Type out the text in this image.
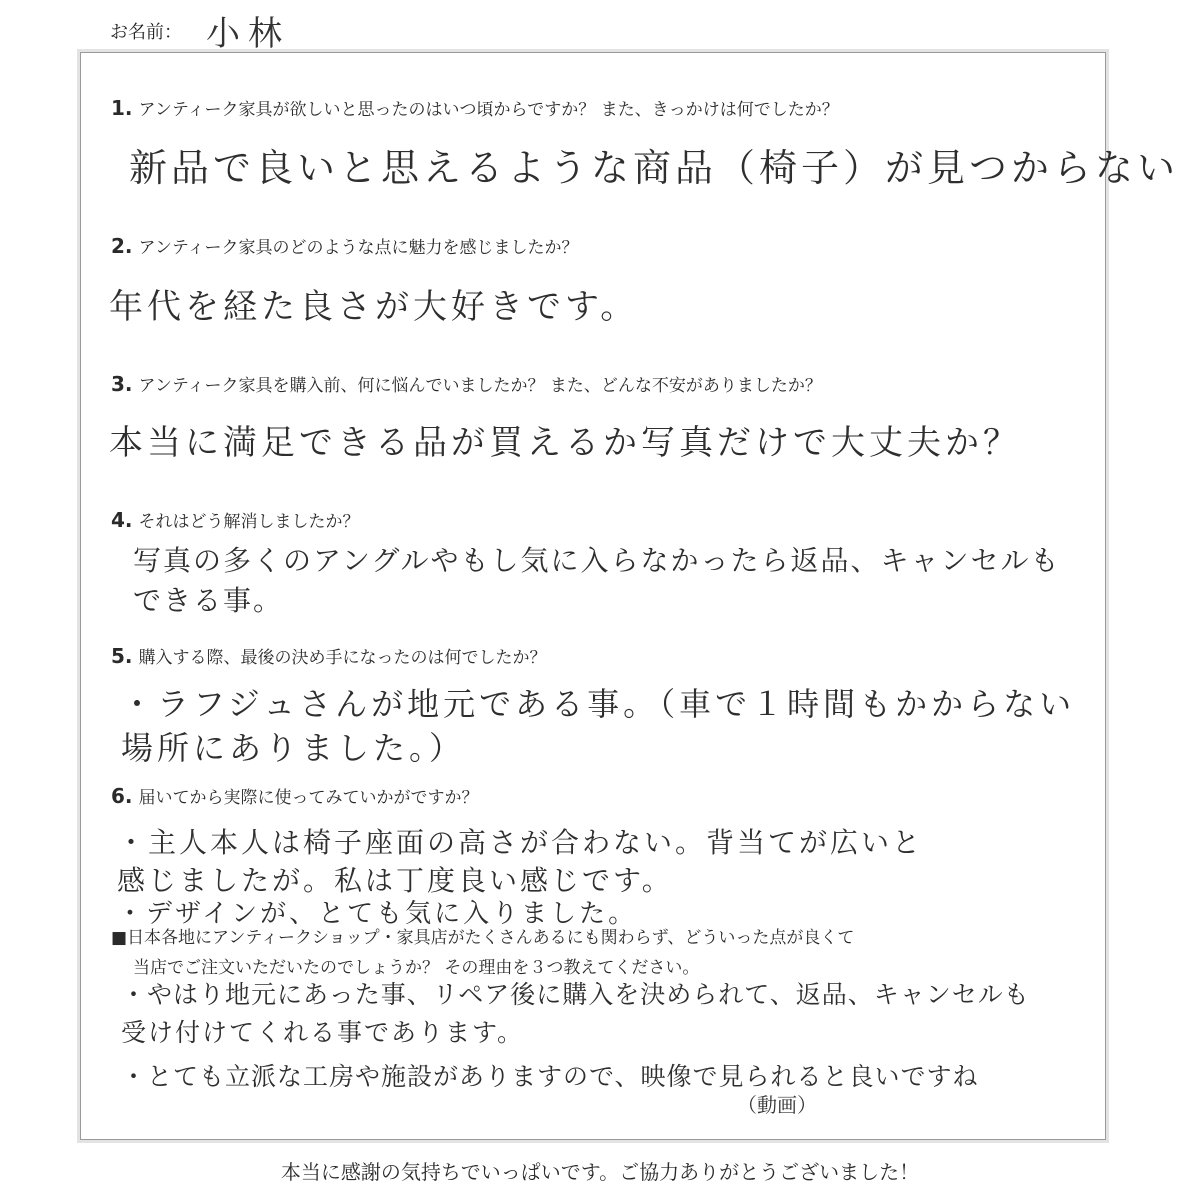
お名前： 小林
1. アンティーク家具が欲しいと思ったのはいつ頃からですか？ また、きっかけは何でしたか？
新品で良いと思えるような商品（椅子）が見つからない
2. アンティーク家具のどのような点に魅力を感じましたか？
年代を経た良さが大好きです。
3. アンティーク家具を購入前、何に悩んでいましたか？ また、どんな不安がありましたか？
本当に満足できる品が買えるか写真だけで大丈夫か？
4. それはどう解消しましたか？
写真の多くのアングルやもし気に入らなかったら返品、キャンセルも
できる事。
5. 購入する際、最後の決め手になったのは何でしたか？
・ラフジュさんが地元である事。（車で１時間もかからない
場所にありました。）
6. 届いてから実際に使ってみていかがですか？
・主人本人は椅子座面の高さが合わない。背当てが広いと
感じましたが。私は丁度良い感じです。
・デザインが、とても気に入りました。
■日本各地にアンティークショップ・家具店がたくさんあるにも関わらず、どういった点が良くて
当店でご注文いただいたのでしょうか？ その理由を３つ教えてください。
・やはり地元にあった事、リペア後に購入を決められて、返品、キャンセルも
受け付けてくれる事であります。
・とても立派な工房や施設がありますので、映像で見られると良いですね
（動画）
本当に感謝の気持ちでいっぱいです。ご協力ありがとうございました！
